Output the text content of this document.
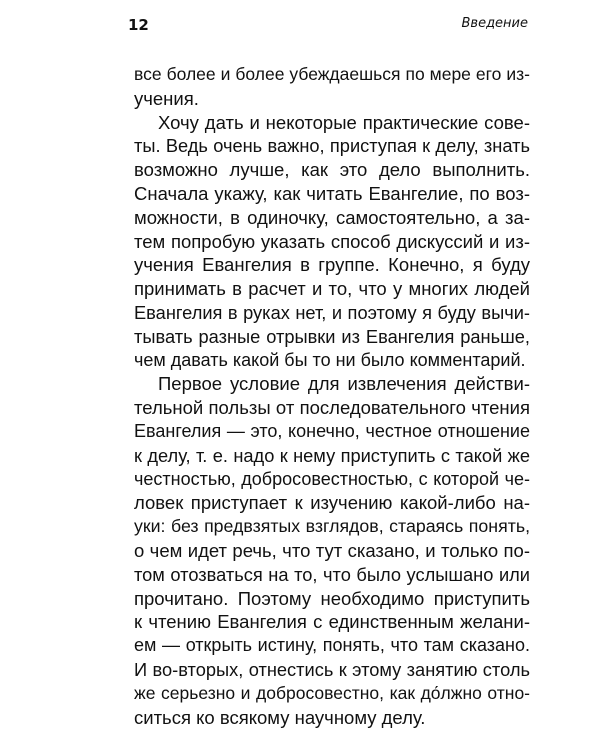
12	Введение
все более и более убеждаешься по мере его из-
учения.
Хочу дать и некоторые практические сове-
ты. Ведь очень важно, приступая к делу, знать
возможно лучше, как это дело выполнить.
Сначала укажу, как читать Евангелие, по воз-
можности, в одиночку, самостоятельно, а за-
тем попробую указать способ дискуссий и из-
учения Евангелия в группе. Конечно, я буду
принимать в расчет и то, что у многих людей
Евангелия в руках нет, и поэтому я буду вычи-
тывать разные отрывки из Евангелия раньше,
чем давать какой бы то ни было комментарий.
Первое условие для извлечения действи-
тельной пользы от последовательного чтения
Евангелия — это, конечно, честное отношение
к делу, т. е. надо к нему приступить с такой же
честностью, добросовестностью, с которой че-
ловек приступает к изучению какой-либо на-
уки: без предвзятых взглядов, стараясь понять,
о чем идет речь, что тут сказано, и только по-
том отозваться на то, что было услышано или
прочитано. Поэтому необходимо приступить
к чтению Евангелия с единственным желани-
ем — открыть истину, понять, что там сказано.
И во-вторых, отнестись к этому занятию столь
же серьезно и добросовестно, как до́лжно отно-
ситься ко всякому научному делу.
